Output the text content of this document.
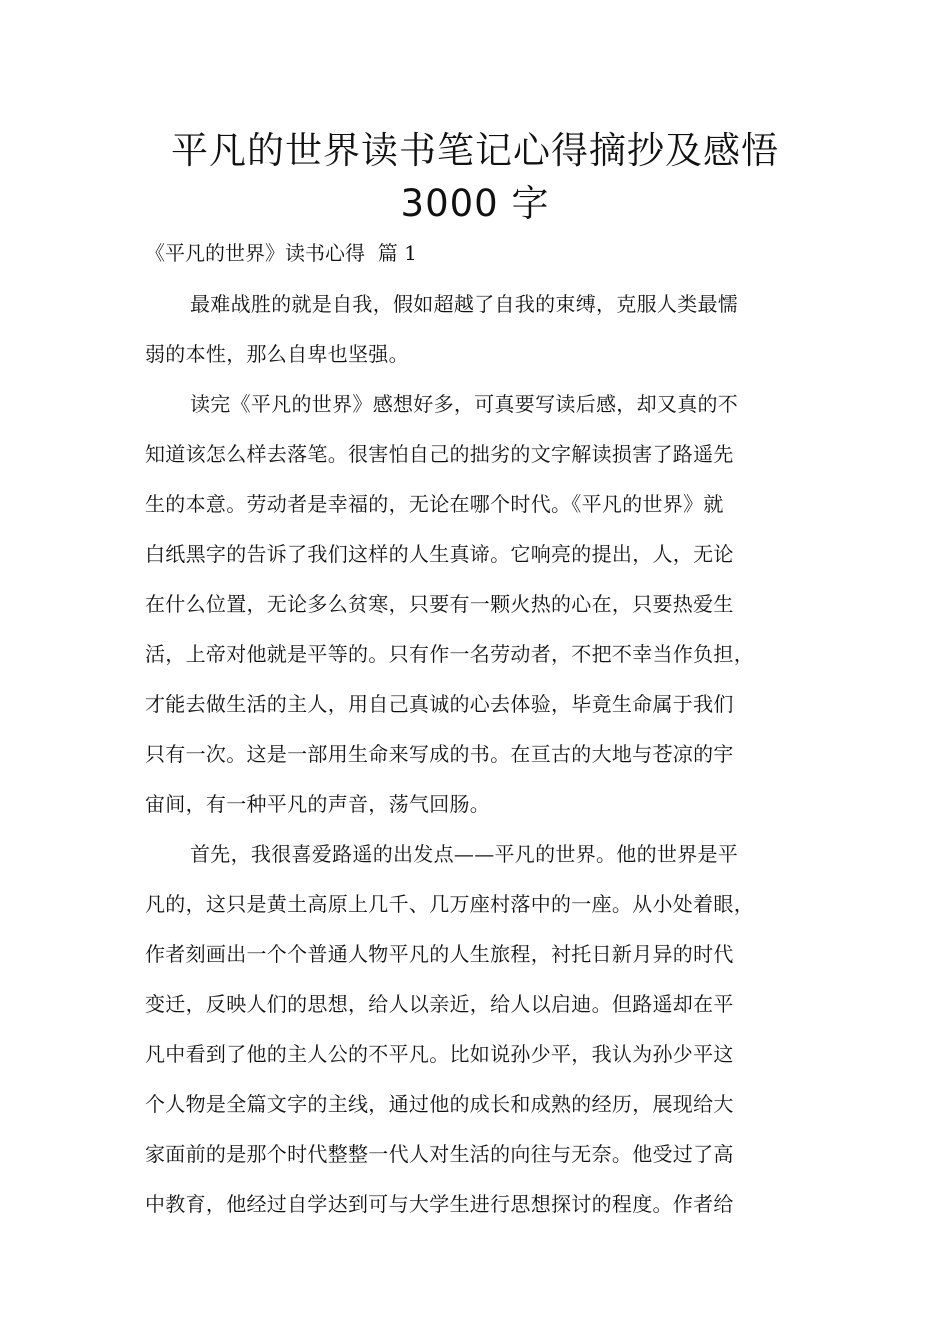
平凡的世界读书笔记心得摘抄及感悟
3000 字
《平凡的世界》读书心得  篇 1
最难战胜的就是自我，假如超越了自我的束缚，克服人类最懦
弱的本性，那么自卑也坚强。
读完《平凡的世界》感想好多，可真要写读后感，却又真的不
知道该怎么样去落笔。很害怕自己的拙劣的文字解读损害了路遥先
生的本意。劳动者是幸福的，无论在哪个时代。《平凡的世界》就
白纸黑字的告诉了我们这样的人生真谛。它响亮的提出，人，无论
在什么位置，无论多么贫寒，只要有一颗火热的心在，只要热爱生
活，上帝对他就是平等的。只有作一名劳动者，不把不幸当作负担，
才能去做生活的主人，用自己真诚的心去体验，毕竟生命属于我们
只有一次。这是一部用生命来写成的书。在亘古的大地与苍凉的宇
宙间，有一种平凡的声音，荡气回肠。
首先，我很喜爱路遥的出发点——平凡的世界。他的世界是平
凡的，这只是黄土高原上几千、几万座村落中的一座。从小处着眼，
作者刻画出一个个普通人物平凡的人生旅程，衬托日新月异的时代
变迁，反映人们的思想，给人以亲近，给人以启迪。但路遥却在平
凡中看到了他的主人公的不平凡。比如说孙少平，我认为孙少平这
个人物是全篇文字的主线，通过他的成长和成熟的经历，展现给大
家面前的是那个时代整整一代人对生活的向往与无奈。他受过了高
中教育，他经过自学达到可与大学生进行思想探讨的程度。作者给
